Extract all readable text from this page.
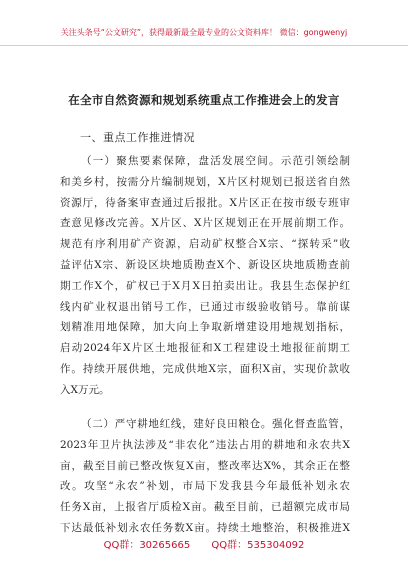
关注头条号“公文研究”，获得最新最全最专业的公文资料库！ 微信：gongwenyj
在全市自然资源和规划系统重点工作推进会上的发言
一、重点工作推进情况
（一）聚焦要素保障，盘活发展空间。示范引领绘制
和美乡村，按需分片编制规划，X片区村规划已报送省自然
资源厅，待备案审查通过后报批。X片区正在按市级专班审
查意见修改完善。X片区、X片区规划正在开展前期工作。
规范有序利用矿产资源，启动矿权整合X宗、“探转采”收
益评估X宗、新设区块地质勘查X个、新设区块地质勘查前
期工作X个，矿权已于X月X日拍卖出让。我县生态保护红
线内矿业权退出销号工作，已通过市级验收销号。靠前谋
划精准用地保障，加大向上争取新增建设用地规划指标，
启动2024年X片区土地报征和X工程建设土地报征前期工
作。持续开展供地，完成供地X宗，面积X亩，实现价款收
入X万元。
（二）严守耕地红线，建好良田粮仓。强化督查监管，
2023年卫片执法涉及“非农化”违法占用的耕地和永农共X
亩，截至目前已整改恢复X亩，整改率达X%，其余正在整
改。攻坚“永农”补划，市局下发我县今年最低补划永农
任务X亩，上报省厅质检X亩。截至目前，已超额完成市局
下达最低补划永农任务数X亩。持续土地整治，积极推进X
QQ群：30265665 QQ群：535304092
